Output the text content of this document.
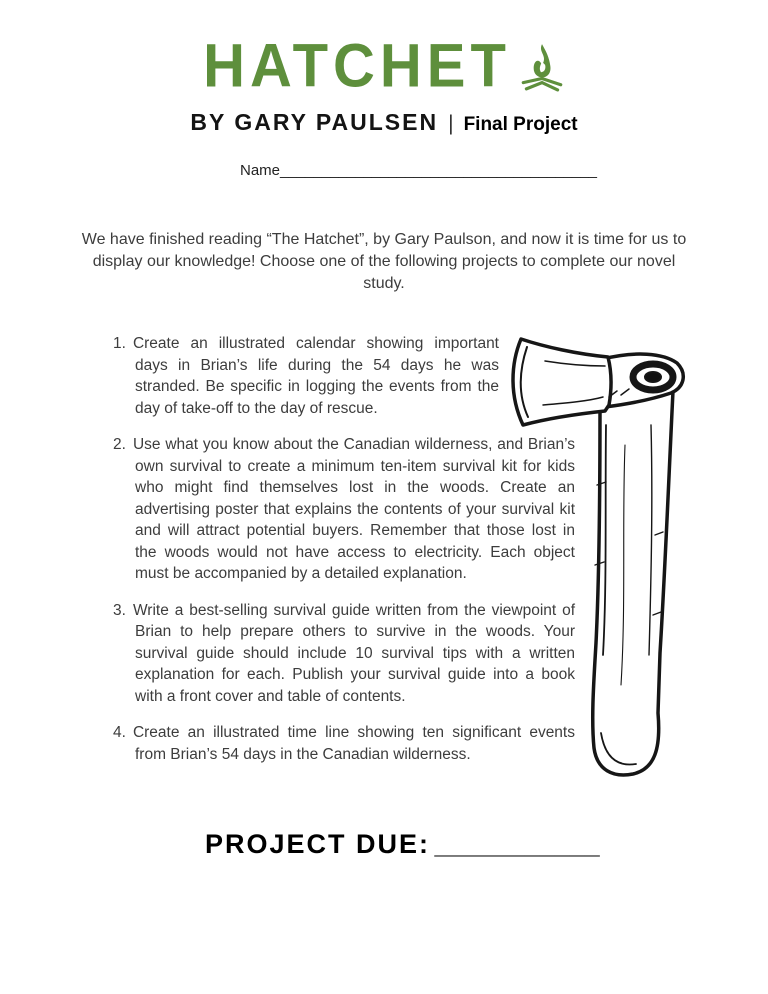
HATCHET
BY GARY PAULSEN | Final Project
Name______________________________________

We have finished reading “The Hatchet”, by Gary Paulson, and now it is time for us to display our knowledge! Choose one of the following projects to complete our novel study.

1. Create an illustrated calendar showing important days in Brian’s life during the 54 days he was stranded. Be specific in logging the events from the day of take-off to the day of rescue.

2. Use what you know about the Canadian wilderness, and Brian’s own survival to create a minimum ten-item survival kit for kids who might find themselves lost in the woods. Create an advertising poster that explains the contents of your survival kit and will attract potential buyers. Remember that those lost in the woods would not have access to electricity. Each object must be accompanied by a detailed explanation.

3. Write a best-selling survival guide written from the viewpoint of Brian to help prepare others to survive in the woods. Your survival guide should include 10 survival tips with a written explanation for each. Publish your survival guide into a book with a front cover and table of contents.

4. Create an illustrated time line showing ten significant events from Brian’s 54 days in the Canadian wilderness.

PROJECT DUE: ___________
